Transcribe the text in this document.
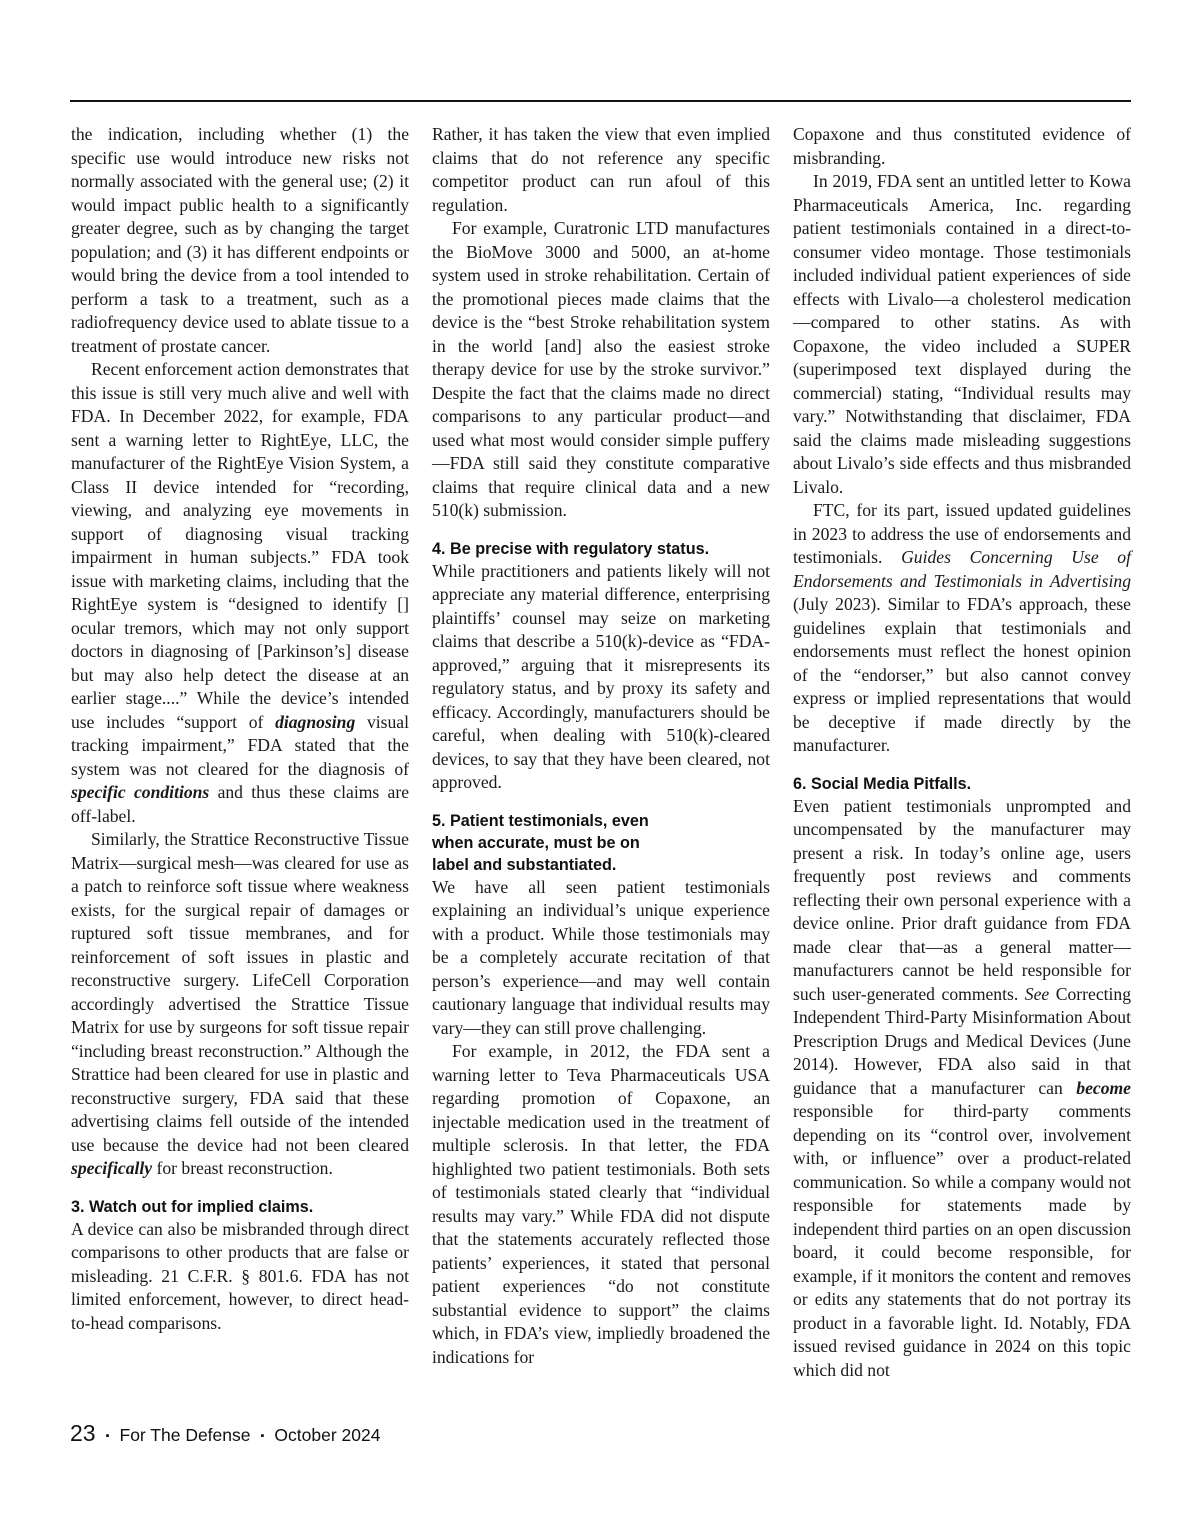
the indication, including whether (1) the specific use would introduce new risks not normally associated with the general use; (2) it would impact public health to a significantly greater degree, such as by changing the target population; and (3) it has different endpoints or would bring the device from a tool intended to perform a task to a treatment, such as a radiofrequency device used to ablate tissue to a treatment of prostate cancer.

Recent enforcement action demonstrates that this issue is still very much alive and well with FDA. In December 2022, for example, FDA sent a warning letter to RightEye, LLC, the manufacturer of the RightEye Vision System, a Class II device intended for “recording, viewing, and analyzing eye movements in support of diagnosing visual tracking impairment in human subjects.” FDA took issue with marketing claims, including that the RightEye system is “designed to identify [] ocular tremors, which may not only support doctors in diagnosing of [Parkinson’s] disease but may also help detect the disease at an earlier stage....” While the device’s intended use includes “support of diagnosing visual tracking impairment,” FDA stated that the system was not cleared for the diagnosis of specific conditions and thus these claims are off-label.

Similarly, the Strattice Reconstructive Tissue Matrix—surgical mesh—was cleared for use as a patch to reinforce soft tissue where weakness exists, for the surgical repair of damages or ruptured soft tissue membranes, and for reinforcement of soft issues in plastic and reconstructive surgery. LifeCell Corporation accordingly advertised the Strattice Tissue Matrix for use by surgeons for soft tissue repair “including breast reconstruction.” Although the Strattice had been cleared for use in plastic and reconstructive surgery, FDA said that these advertising claims fell outside of the intended use because the device had not been cleared specifically for breast reconstruction.

3. Watch out for implied claims.

A device can also be misbranded through direct comparisons to other products that are false or misleading. 21 C.F.R. § 801.6. FDA has not limited enforcement, however, to direct head-to-head comparisons.

Rather, it has taken the view that even implied claims that do not reference any specific competitor product can run afoul of this regulation.

For example, Curatronic LTD manufactures the BioMove 3000 and 5000, an at-home system used in stroke rehabilitation. Certain of the promotional pieces made claims that the device is the “best Stroke rehabilitation system in the world [and] also the easiest stroke therapy device for use by the stroke survivor.” Despite the fact that the claims made no direct comparisons to any particular product—and used what most would consider simple puffery—FDA still said they constitute comparative claims that require clinical data and a new 510(k) submission.

4. Be precise with regulatory status.

While practitioners and patients likely will not appreciate any material difference, enterprising plaintiffs’ counsel may seize on marketing claims that describe a 510(k)-device as “FDA-approved,” arguing that it misrepresents its regulatory status, and by proxy its safety and efficacy. Accordingly, manufacturers should be careful, when dealing with 510(k)-cleared devices, to say that they have been cleared, not approved.

5. Patient testimonials, even
when accurate, must be on
label and substantiated.

We have all seen patient testimonials explaining an individual’s unique experience with a product. While those testimonials may be a completely accurate recitation of that person’s experience—and may well contain cautionary language that individual results may vary—they can still prove challenging.

For example, in 2012, the FDA sent a warning letter to Teva Pharmaceuticals USA regarding promotion of Copaxone, an injectable medication used in the treatment of multiple sclerosis. In that letter, the FDA highlighted two patient testimonials. Both sets of testimonials stated clearly that “individual results may vary.” While FDA did not dispute that the statements accurately reflected those patients’ experiences, it stated that personal patient experiences “do not constitute substantial evidence to support” the claims which, in FDA’s view, impliedly broadened the indications for

Copaxone and thus constituted evidence of misbranding.

In 2019, FDA sent an untitled letter to Kowa Pharmaceuticals America, Inc. regarding patient testimonials contained in a direct-to-consumer video montage. Those testimonials included individual patient experiences of side effects with Livalo—a cholesterol medication—compared to other statins. As with Copaxone, the video included a SUPER (superimposed text displayed during the commercial) stating, “Individual results may vary.” Notwithstanding that disclaimer, FDA said the claims made misleading suggestions about Livalo’s side effects and thus misbranded Livalo.

FTC, for its part, issued updated guidelines in 2023 to address the use of endorsements and testimonials. Guides Concerning Use of Endorsements and Testimonials in Advertising (July 2023). Similar to FDA’s approach, these guidelines explain that testimonials and endorsements must reflect the honest opinion of the “endorser,” but also cannot convey express or implied representations that would be deceptive if made directly by the manufacturer.

6. Social Media Pitfalls.

Even patient testimonials unprompted and uncompensated by the manufacturer may present a risk. In today’s online age, users frequently post reviews and comments reflecting their own personal experience with a device online. Prior draft guidance from FDA made clear that—as a general matter—manufacturers cannot be held responsible for such user-generated comments. See Correcting Independent Third-Party Misinformation About Prescription Drugs and Medical Devices (June 2014). However, FDA also said in that guidance that a manufacturer can become responsible for third-party comments depending on its “control over, involvement with, or influence” over a product-related communication. So while a company would not responsible for statements made by independent third parties on an open discussion board, it could become responsible, for example, if it monitors the content and removes or edits any statements that do not portray its product in a favorable light. Id. Notably, FDA issued revised guidance in 2024 on this topic which did not

23 ▪ For The Defense ▪ October 2024
